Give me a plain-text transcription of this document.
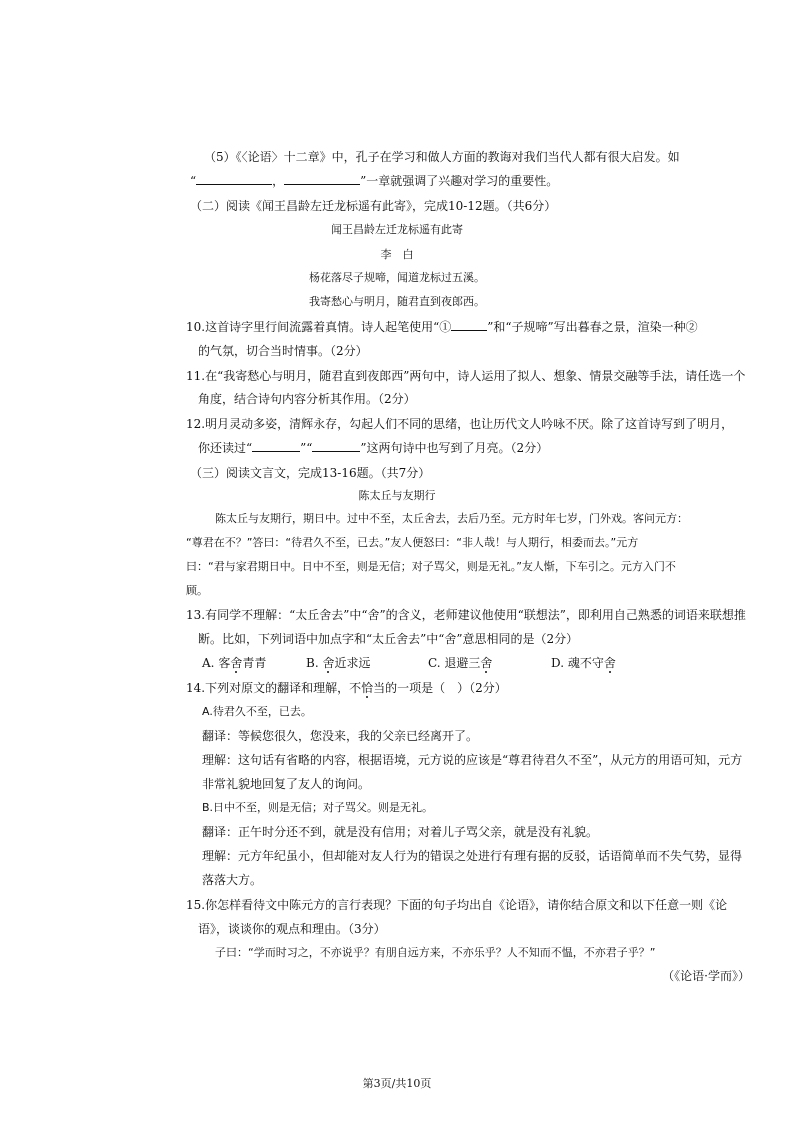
（5）《〈论语〉十二章》中，孔子在学习和做人方面的教诲对我们当代人都有很大启发。如
“	，	”一章就强调了兴趣对学习的重要性。
（二）阅读《闻王昌龄左迁龙标遥有此寄》，完成10-12题。（共6分）
闻王昌龄左迁龙标遥有此寄
李　白
杨花落尽子规啼，闻道龙标过五溪。
我寄愁心与明月，随君直到夜郎西。
10.这首诗字里行间流露着真情。诗人起笔使用“①	”和“子规啼”写出暮春之景，渲染一种②
的气氛，切合当时情事。（2分）
11.在“我寄愁心与明月，随君直到夜郎西”两句中，诗人运用了拟人、想象、情景交融等手法，请任选一个
角度，结合诗句内容分析其作用。（2分）
12.明月灵动多姿，清辉永存，勾起人们不同的思绪，也让历代文人吟咏不厌。除了这首诗写到了明月，
你还读过“	”“	”这两句诗中也写到了月亮。（2分）
（三）阅读文言文，完成13-16题。（共7分）
陈太丘与友期行
陈太丘与友期行，期日中。过中不至，太丘舍去，去后乃至。元方时年七岁，门外戏。客问元方：
“尊君在不？”答曰：“待君久不至，已去。”友人便怒曰：“非人哉！与人期行，相委而去。”元方
曰：“君与家君期日中。日中不至，则是无信；对子骂父，则是无礼。”友人惭，下车引之。元方入门不
顾。
13.有同学不理解：“太丘舍去”中“舍”的含义，老师建议他使用“联想法”，即利用自己熟悉的词语来联想推
断。比如，下列词语中加点字和“太丘舍去”中“舍”意思相同的是（2分）
A. 客舍青青	B. 舍近求远	C. 退避三舍	D. 魂不守舍
14.下列对原文的翻译和理解，不恰当的一项是（　）（2分）
A.待君久不至，已去。
翻译：等候您很久，您没来，我的父亲已经离开了。
理解：这句话有省略的内容，根据语境，元方说的应该是“尊君待君久不至”，从元方的用语可知，元方
非常礼貌地回复了友人的询问。
B.日中不至，则是无信；对子骂父。则是无礼。
翻译：正午时分还不到，就是没有信用；对着儿子骂父亲，就是没有礼貌。
理解：元方年纪虽小，但却能对友人行为的错误之处进行有理有据的反驳，话语简单而不失气势，显得
落落大方。
15.你怎样看待文中陈元方的言行表现？下面的句子均出自《论语》，请你结合原文和以下任意一则《论
语》，谈谈你的观点和理由。（3分）
子曰：“学而时习之，不亦说乎？有朋自远方来，不亦乐乎？人不知而不愠，不亦君子乎？”
（《论语·学而》）
第3页/共10页
